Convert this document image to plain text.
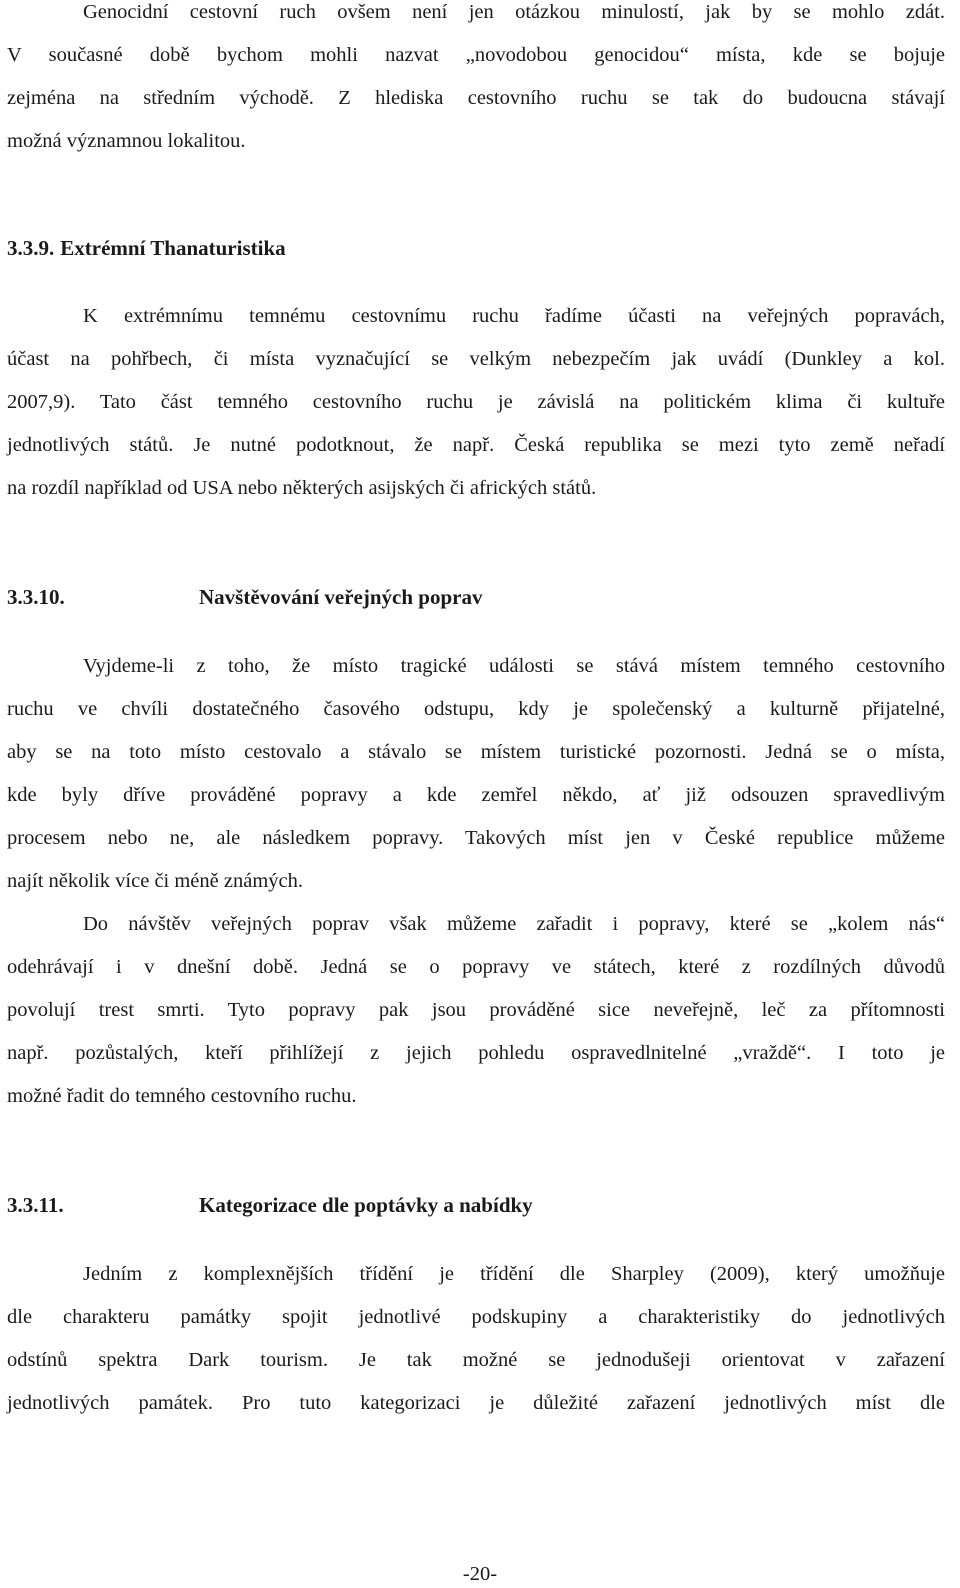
Genocidní cestovní ruch ovšem není jen otázkou minulostí, jak by se mohlo zdát.
V současné době bychom mohli nazvat „novodobou genocidou“ místa, kde se bojuje
zejména na středním východě. Z hlediska cestovního ruchu se tak do budoucna stávají
možná významnou lokalitou.
3.3.9. Extrémní Thanaturistika
K extrémnímu temnému cestovnímu ruchu řadíme účasti na veřejných popravách,
účast na pohřbech, či místa vyznačující se velkým nebezpečím jak uvádí (Dunkley a kol.
2007,9). Tato část temného cestovního ruchu je závislá na politickém klima či kultuře
jednotlivých států. Je nutné podotknout, že např. Česká republika se mezi tyto země neřadí
na rozdíl například od USA nebo některých asijských či afrických států.
3.3.10.	Navštěvování veřejných poprav
Vyjdeme-li z toho, že místo tragické události se stává místem temného cestovního
ruchu ve chvíli dostatečného časového odstupu, kdy je společenský a kulturně přijatelné,
aby se na toto místo cestovalo a stávalo se místem turistické pozornosti. Jedná se o místa,
kde byly dříve prováděné popravy a kde zemřel někdo, ať již odsouzen spravedlivým
procesem nebo ne, ale následkem popravy. Takových míst jen v České republice můžeme
najít několik více či méně známých.
Do návštěv veřejných poprav však můžeme zařadit i popravy, které se „kolem nás“
odehrávají i v dnešní době. Jedná se o popravy ve státech, které z rozdílných důvodů
povolují trest smrti. Tyto popravy pak jsou prováděné sice neveřejně, leč za přítomnosti
např. pozůstalých, kteří přihlížejí z jejich pohledu ospravedlnitelné „vraždě“. I toto je
možné řadit do temného cestovního ruchu.
3.3.11.	Kategorizace dle poptávky a nabídky
Jedním z komplexnějších třídění je třídění dle Sharpley (2009), který umožňuje
dle charakteru památky spojit jednotlivé podskupiny a charakteristiky do jednotlivých
odstínů spektra Dark tourism. Je tak možné se jednodušeji orientovat v zařazení
jednotlivých památek. Pro tuto kategorizaci je důležité zařazení jednotlivých míst dle
-20-
